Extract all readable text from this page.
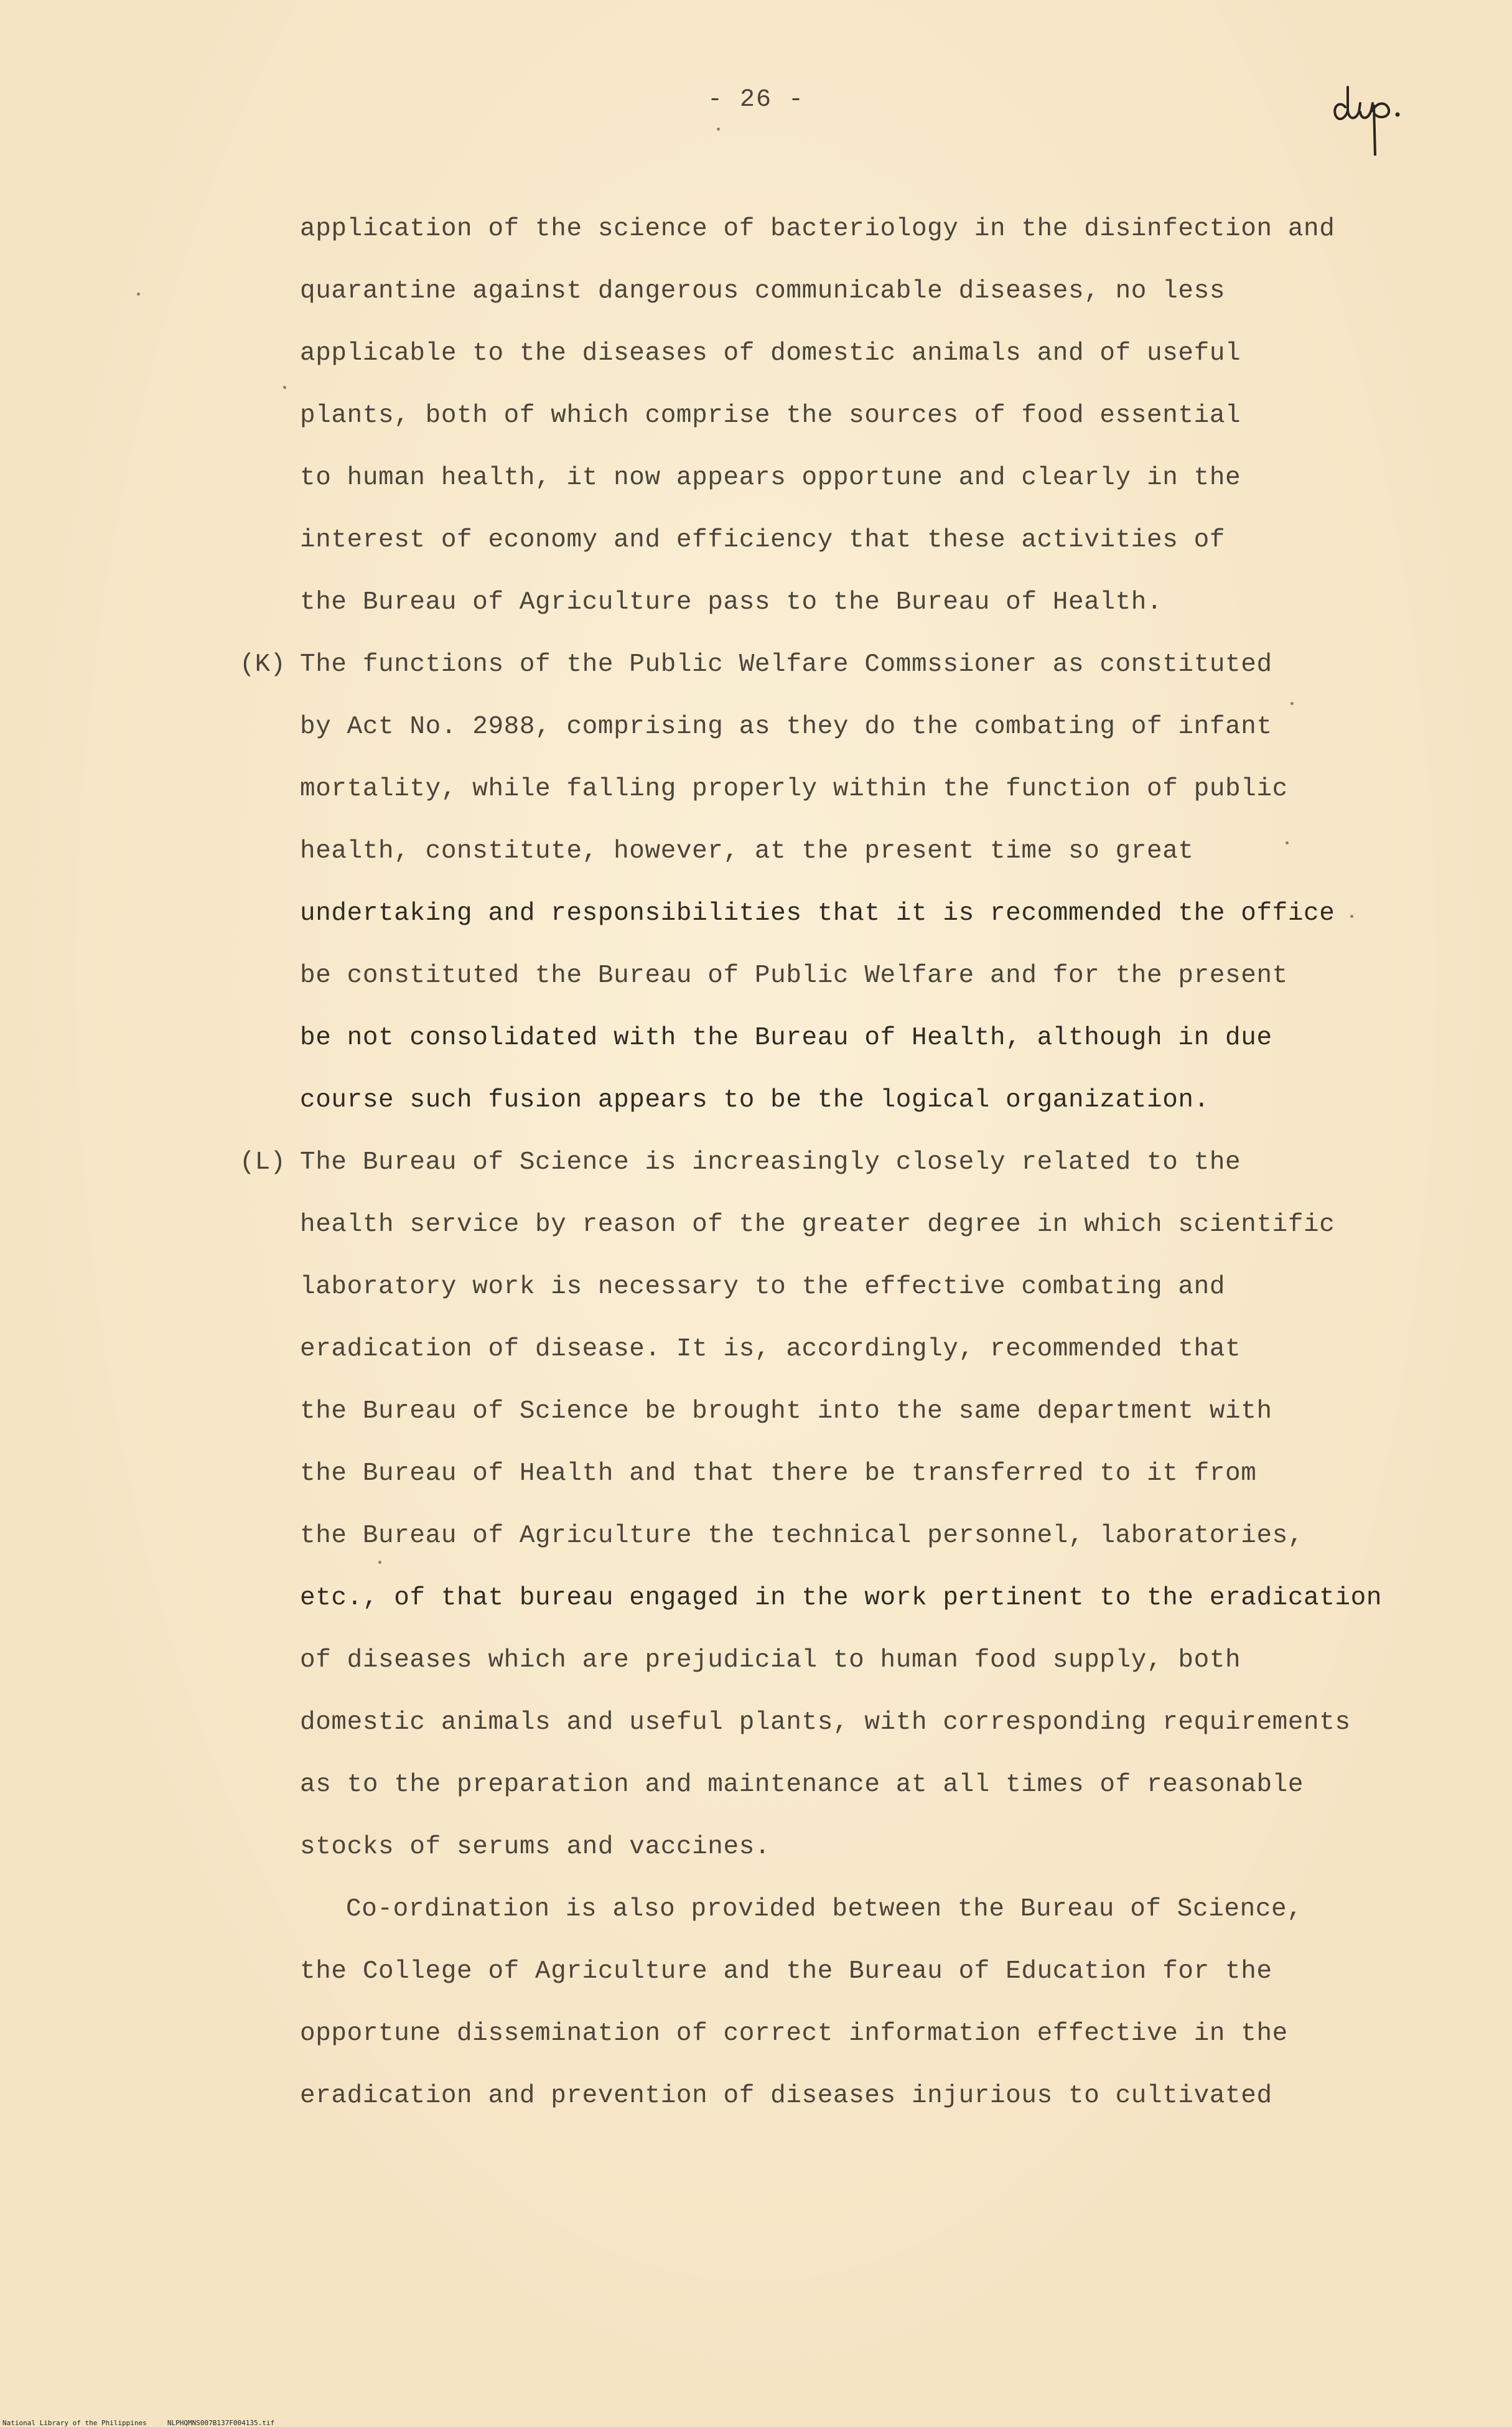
- 26 -
(K)
(L)
application of the science of bacteriology in the disinfection and
quarantine against dangerous communicable diseases, no less
applicable to the diseases of domestic animals and of useful
plants, both of which comprise the sources of food essential
to human health, it now appears opportune and clearly in the
interest of economy and efficiency that these activities of
the Bureau of Agriculture pass to the Bureau of Health.
The functions of the Public Welfare Commssioner as constituted
by Act No. 2988, comprising as they do the combating of infant
mortality, while falling properly within the function of public
health, constitute, however, at the present time so great
undertaking and responsibilities that it is recommended the office
be constituted the Bureau of Public Welfare and for the present
be not consolidated with the Bureau of Health, although in due
course such fusion appears to be the logical organization.
The Bureau of Science is increasingly closely related to the
health service by reason of the greater degree in which scientific
laboratory work is necessary to the effective combating and
eradication of disease. It is, accordingly, recommended that
the Bureau of Science be brought into the same department with
the Bureau of Health and that there be transferred to it from
the Bureau of Agriculture the technical personnel, laboratories,
etc., of that bureau engaged in the work pertinent to the eradication
of diseases which are prejudicial to human food supply, both
domestic animals and useful plants, with corresponding requirements
as to the preparation and maintenance at all times of reasonable
stocks of serums and vaccines.
Co-ordination is also provided between the Bureau of Science,
the College of Agriculture and the Bureau of Education for the
opportune dissemination of correct information effective in the
eradication and prevention of diseases injurious to cultivated
National Library of the Philippines	NLPHQMNS007B137F004135.tif
